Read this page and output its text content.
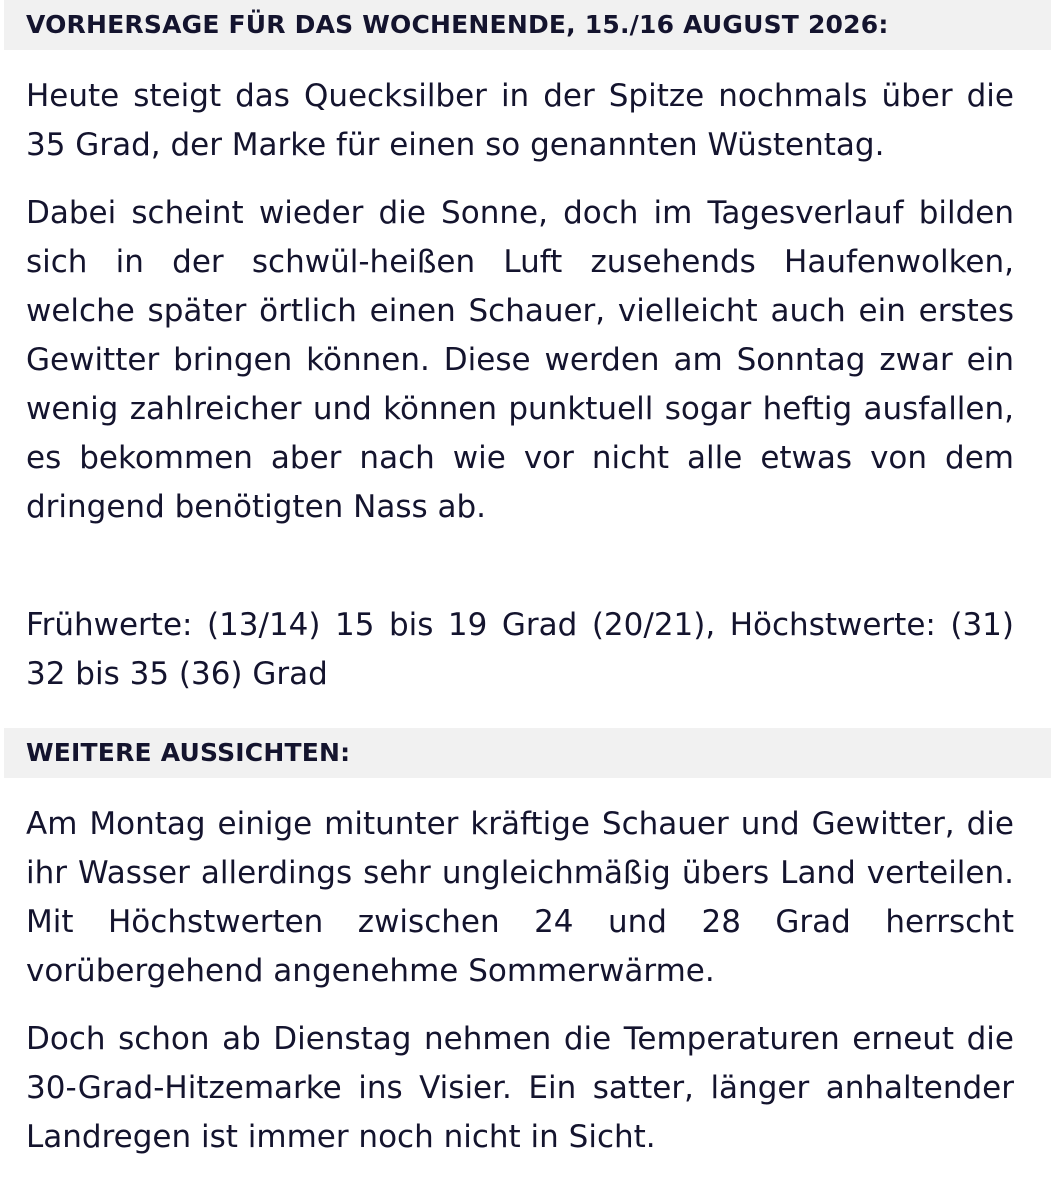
VORHERSAGE FÜR DAS WOCHENENDE, 15./16 AUGUST 2026:

Heute steigt das Quecksilber in der Spitze nochmals über die 35 Grad, der Marke für einen so genannten Wüstentag.

Dabei scheint wieder die Sonne, doch im Tagesverlauf bilden sich in der schwül-heißen Luft zusehends Haufenwolken, welche später örtlich einen Schauer, vielleicht auch ein erstes Gewitter bringen können. Diese werden am Sonntag zwar ein wenig zahlreicher und können punktuell sogar heftig ausfallen, es bekommen aber nach wie vor nicht alle etwas von dem dringend benötigten Nass ab.

Frühwerte: (13/14) 15 bis 19 Grad (20/21), Höchstwerte: (31) 32 bis 35 (36) Grad

WEITERE AUSSICHTEN:

Am Montag einige mitunter kräftige Schauer und Gewitter, die ihr Wasser allerdings sehr ungleichmäßig übers Land verteilen. Mit Höchstwerten zwischen 24 und 28 Grad herrscht vorübergehend angenehme Sommerwärme.

Doch schon ab Dienstag nehmen die Temperaturen erneut die 30-Grad-Hitzemarke ins Visier. Ein satter, länger anhaltender Landregen ist immer noch nicht in Sicht.
